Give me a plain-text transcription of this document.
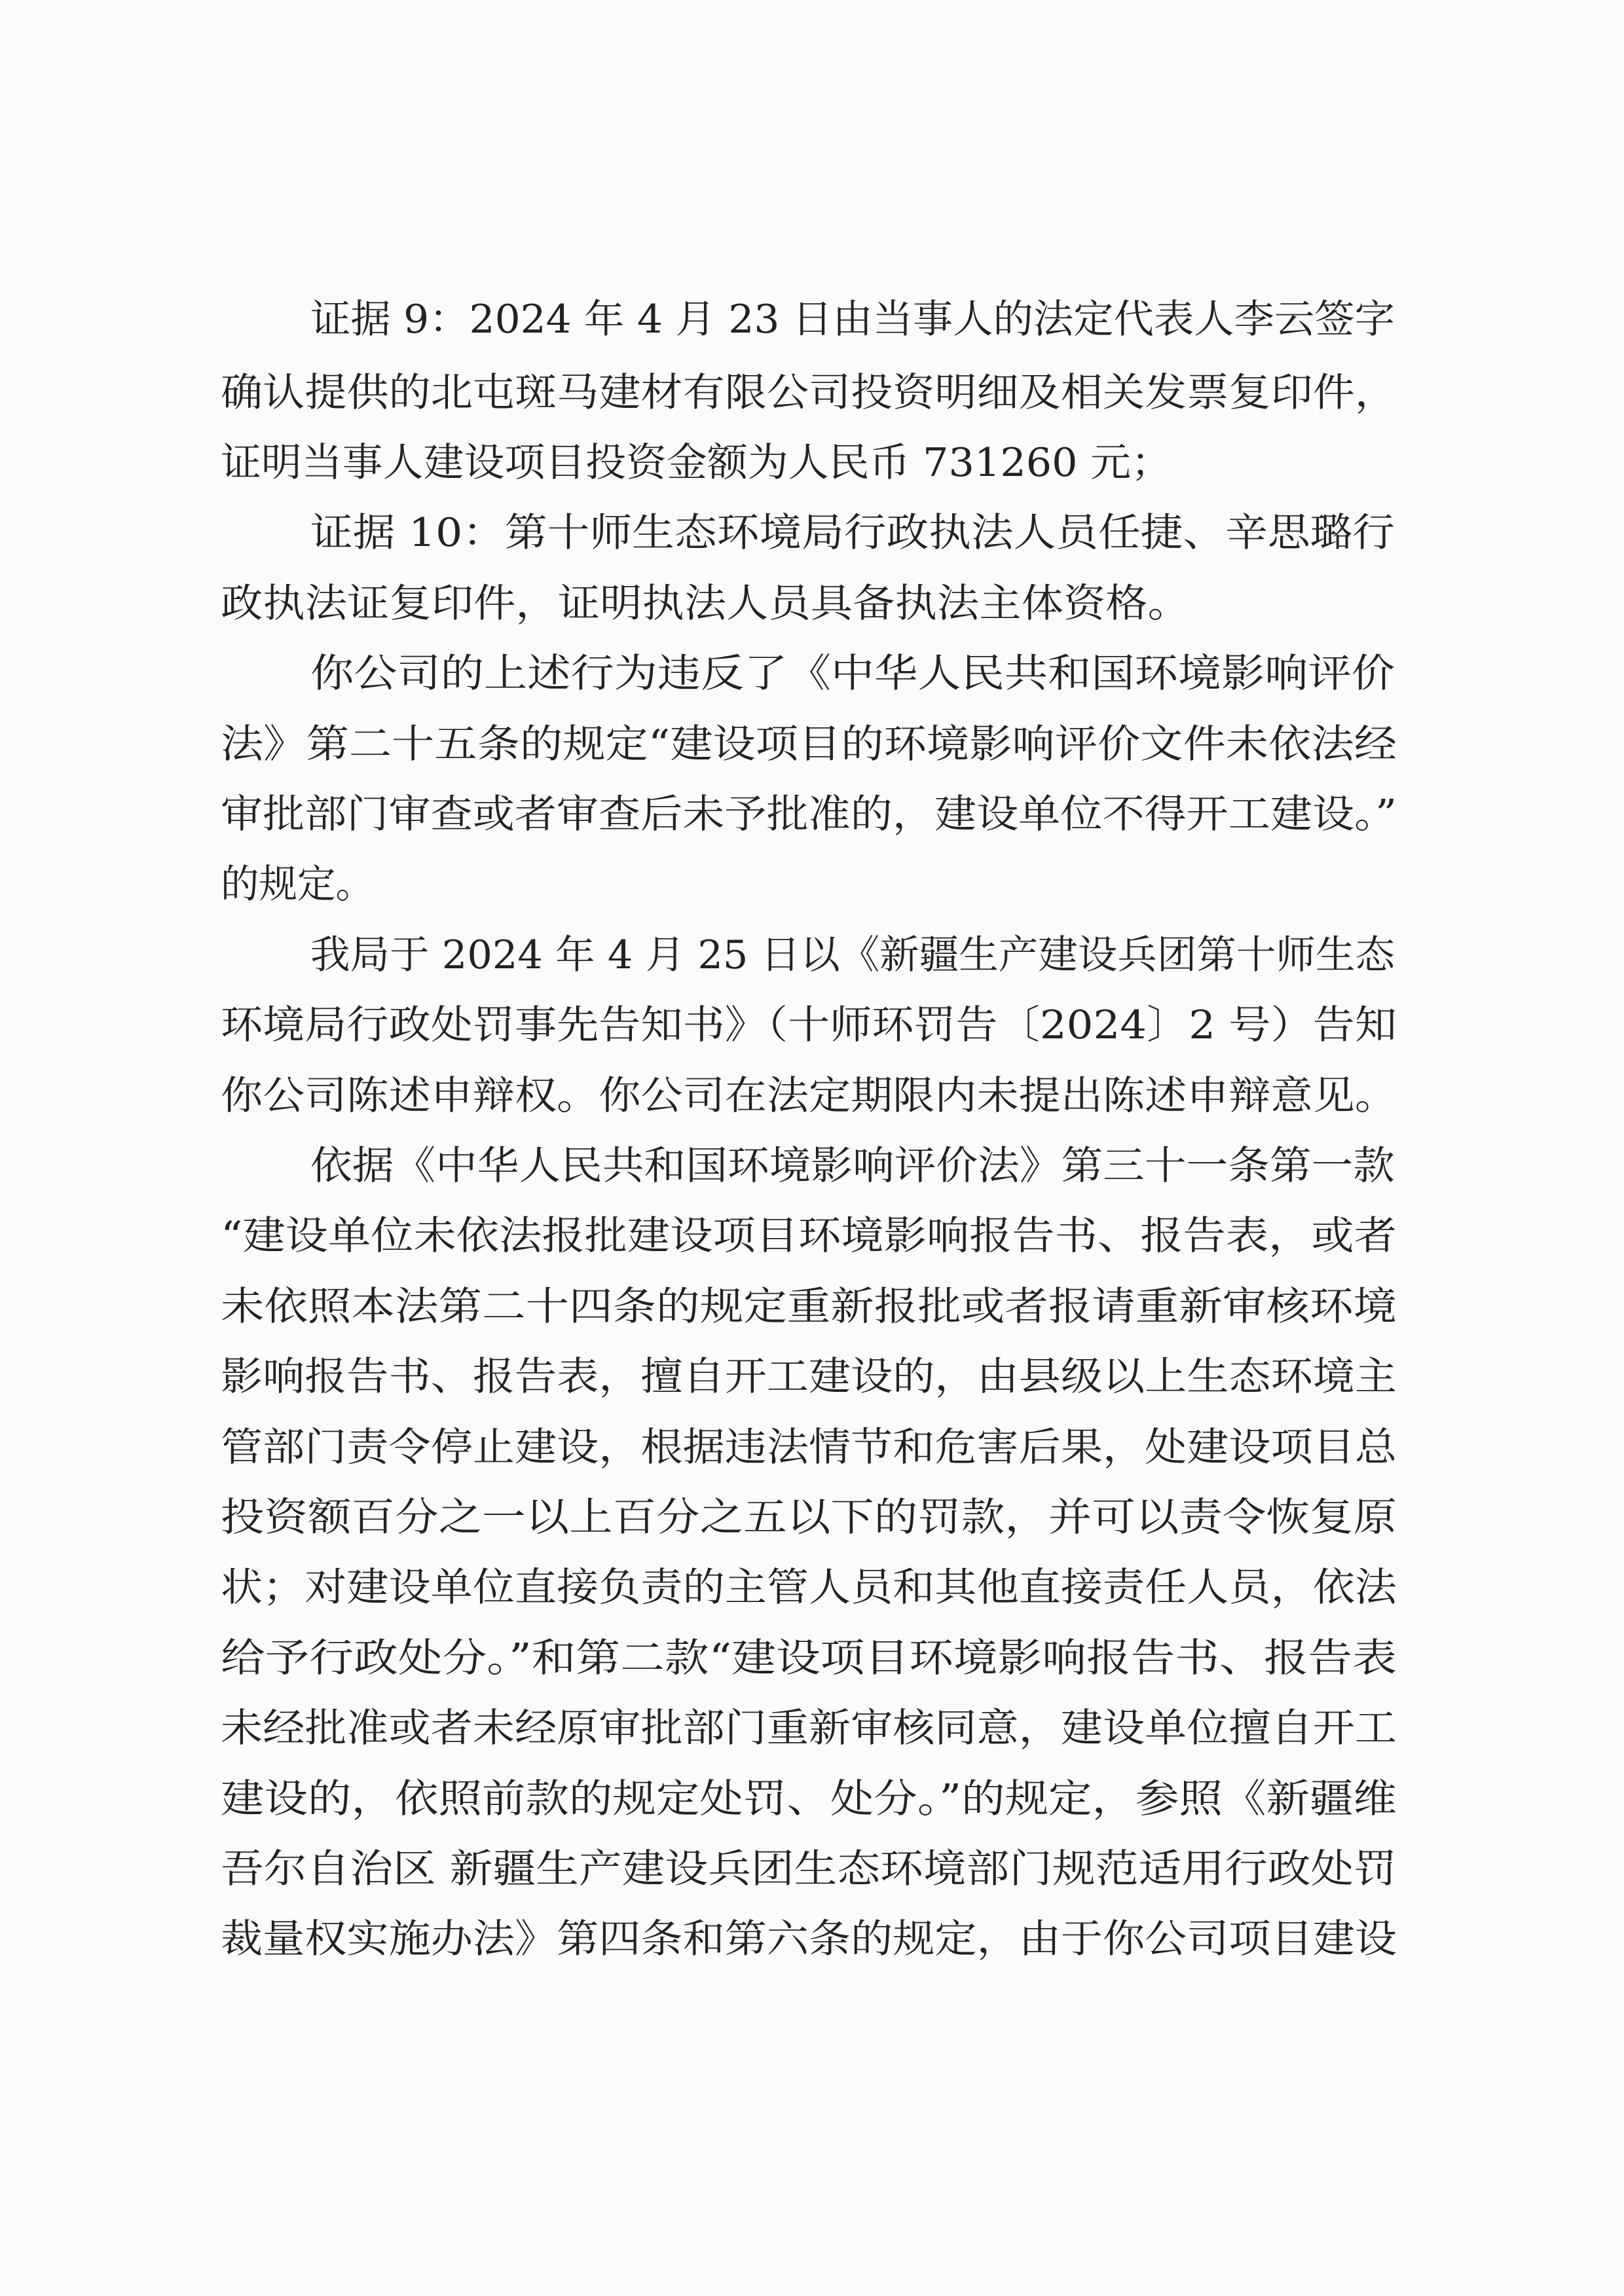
证据 9：2024 年 4 月 23 日由当事人的法定代表人李云签字
确认提供的北屯斑马建材有限公司投资明细及相关发票复印件，
证明当事人建设项目投资金额为人民币 731260 元；
证据 10：第十师生态环境局行政执法人员任捷、辛思璐行
政执法证复印件，证明执法人员具备执法主体资格。
你公司的上述行为违反了《中华人民共和国环境影响评价
法》第二十五条的规定“建设项目的环境影响评价文件未依法经
审批部门审查或者审查后未予批准的，建设单位不得开工建设。”
的规定。
我局于 2024 年 4 月 25 日以《新疆生产建设兵团第十师生态
环境局行政处罚事先告知书》（十师环罚告〔2024〕2 号）告知
你公司陈述申辩权。你公司在法定期限内未提出陈述申辩意见。
依据《中华人民共和国环境影响评价法》第三十一条第一款
“建设单位未依法报批建设项目环境影响报告书、报告表，或者
未依照本法第二十四条的规定重新报批或者报请重新审核环境
影响报告书、报告表，擅自开工建设的，由县级以上生态环境主
管部门责令停止建设，根据违法情节和危害后果，处建设项目总
投资额百分之一以上百分之五以下的罚款，并可以责令恢复原
状；对建设单位直接负责的主管人员和其他直接责任人员，依法
给予行政处分。”和第二款“建设项目环境影响报告书、报告表
未经批准或者未经原审批部门重新审核同意，建设单位擅自开工
建设的，依照前款的规定处罚、处分。”的规定，参照《新疆维
吾尔自治区 新疆生产建设兵团生态环境部门规范适用行政处罚
裁量权实施办法》第四条和第六条的规定，由于你公司项目建设
